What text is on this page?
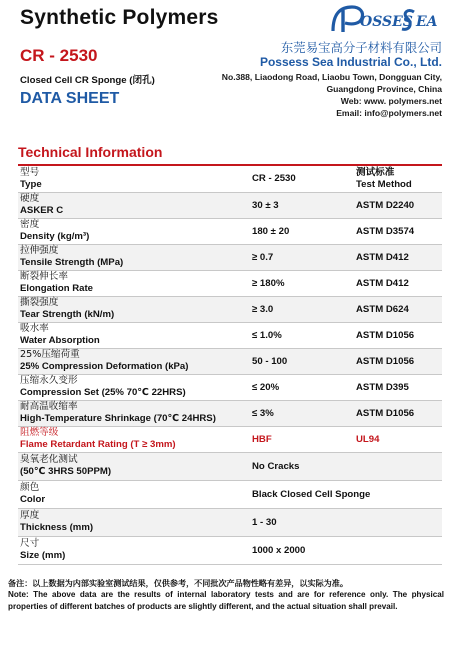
Synthetic Polymers
CR - 2530
Closed Cell CR Sponge (闭孔)
DATA SHEET
OSSES EA
东莞易宝高分子材料有限公司
Possess Sea Industrial Co., Ltd.
No.388, Liaodong Road, Liaobu Town, Dongguan City,
Guangdong Province, China
Web: www. polymers.net
Email: info@polymers.net
Technical Information
型号
Type	CR - 2530	测试标准
Test Method

硬度
ASKER C	30 ± 3	ASTM D2240

密度
Density (kg/m³)	180 ± 20	ASTM D3574

拉伸强度
Tensile Strength (MPa)	≥ 0.7	ASTM D412

断裂伸长率
Elongation Rate	≥ 180%	ASTM D412

撕裂强度
Tear Strength (kN/m)	≥ 3.0	ASTM D624

吸水率
Water Absorption	≤ 1.0%	ASTM D1056

25%压缩荷重
25% Compression Deformation (kPa)	50 - 100	ASTM D1056

压缩永久变形
Compression Set (25% 70℃ 22HRS)	≤ 20%	ASTM D395

耐高温收缩率
High-Temperature Shrinkage (70℃ 24HRS)	≤ 3%	ASTM D1056

阻燃等级
Flame Retardant Rating (T ≥ 3mm)	HBF	UL94

臭氧老化测试
(50℃ 3HRS 50PPM)	No Cracks	

颜色
Color	Black Closed Cell Sponge	

厚度
Thickness (mm)	1 - 30	

尺寸
Size (mm)	1000 x 2000	
备注：以上数据为内部实验室测试结果，仅供参考，不同批次产品物性略有差异，以实际为准。
Note: The above data are the results of internal laboratory tests and are for reference only. The physical properties of different batches of products are slightly different, and the actual situation shall prevail.
